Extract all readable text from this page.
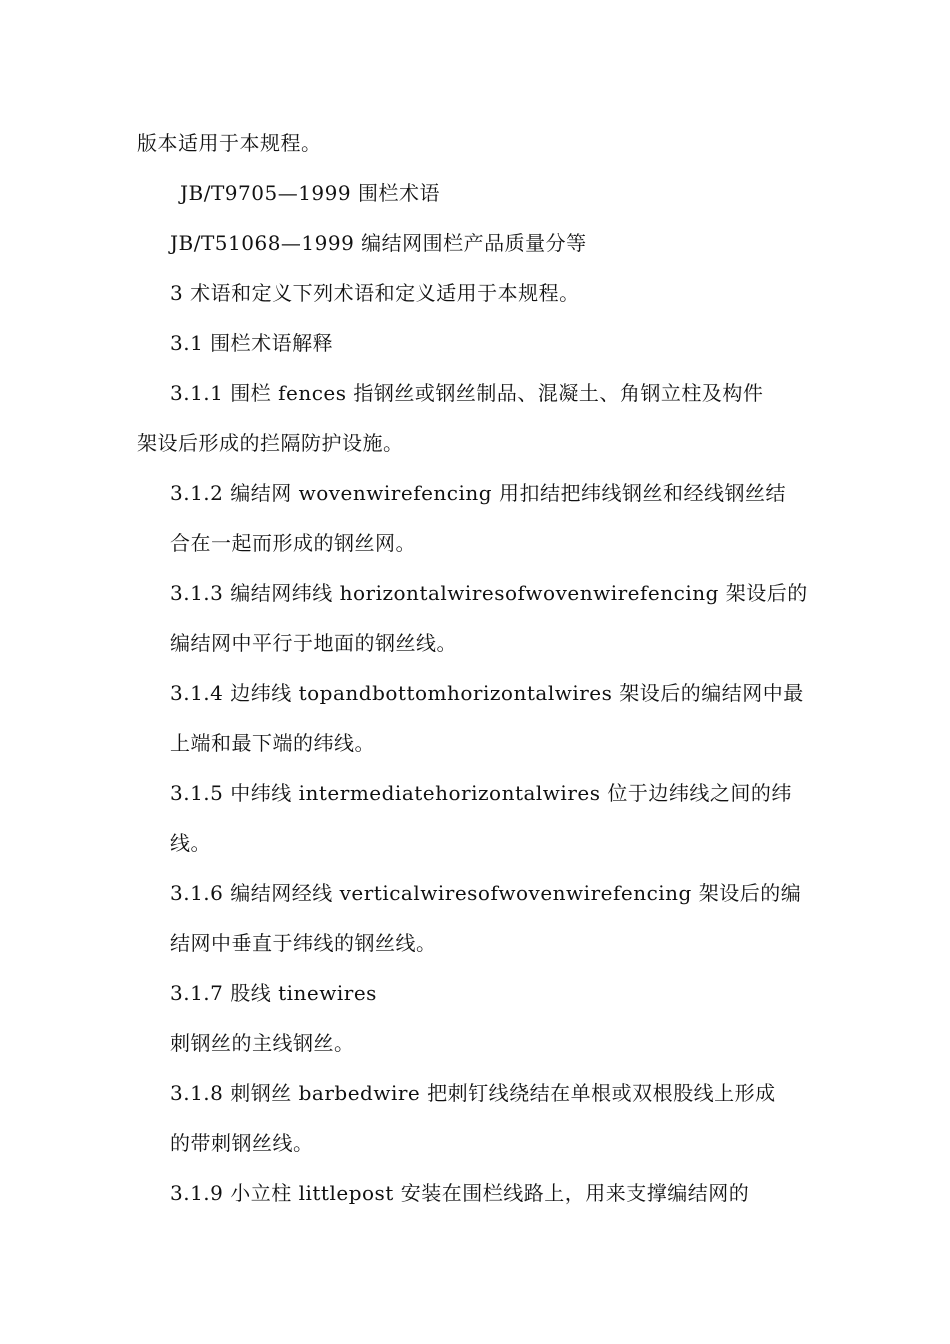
版本适用于本规程。
JB/T9705—1999 围栏术语
JB/T51068—1999 编结网围栏产品质量分等
3 术语和定义下列术语和定义适用于本规程。
3.1 围栏术语解释
3.1.1 围栏 fences 指钢丝或钢丝制品、混凝土、角钢立柱及构件
架设后形成的拦隔防护设施。
3.1.2 编结网 wovenwirefencing 用扣结把纬线钢丝和经线钢丝结
合在一起而形成的钢丝网。
3.1.3 编结网纬线 horizontalwiresofwovenwirefencing 架设后的
编结网中平行于地面的钢丝线。
3.1.4 边纬线 topandbottomhorizontalwires 架设后的编结网中最
上端和最下端的纬线。
3.1.5 中纬线 intermediatehorizontalwires 位于边纬线之间的纬
线。
3.1.6 编结网经线 verticalwiresofwovenwirefencing 架设后的编
结网中垂直于纬线的钢丝线。
3.1.7 股线 tinewires
刺钢丝的主线钢丝。
3.1.8 刺钢丝 barbedwire 把刺钉线绕结在单根或双根股线上形成
的带刺钢丝线。
3.1.9 小立柱 littlepost 安装在围栏线路上，用来支撑编结网的
